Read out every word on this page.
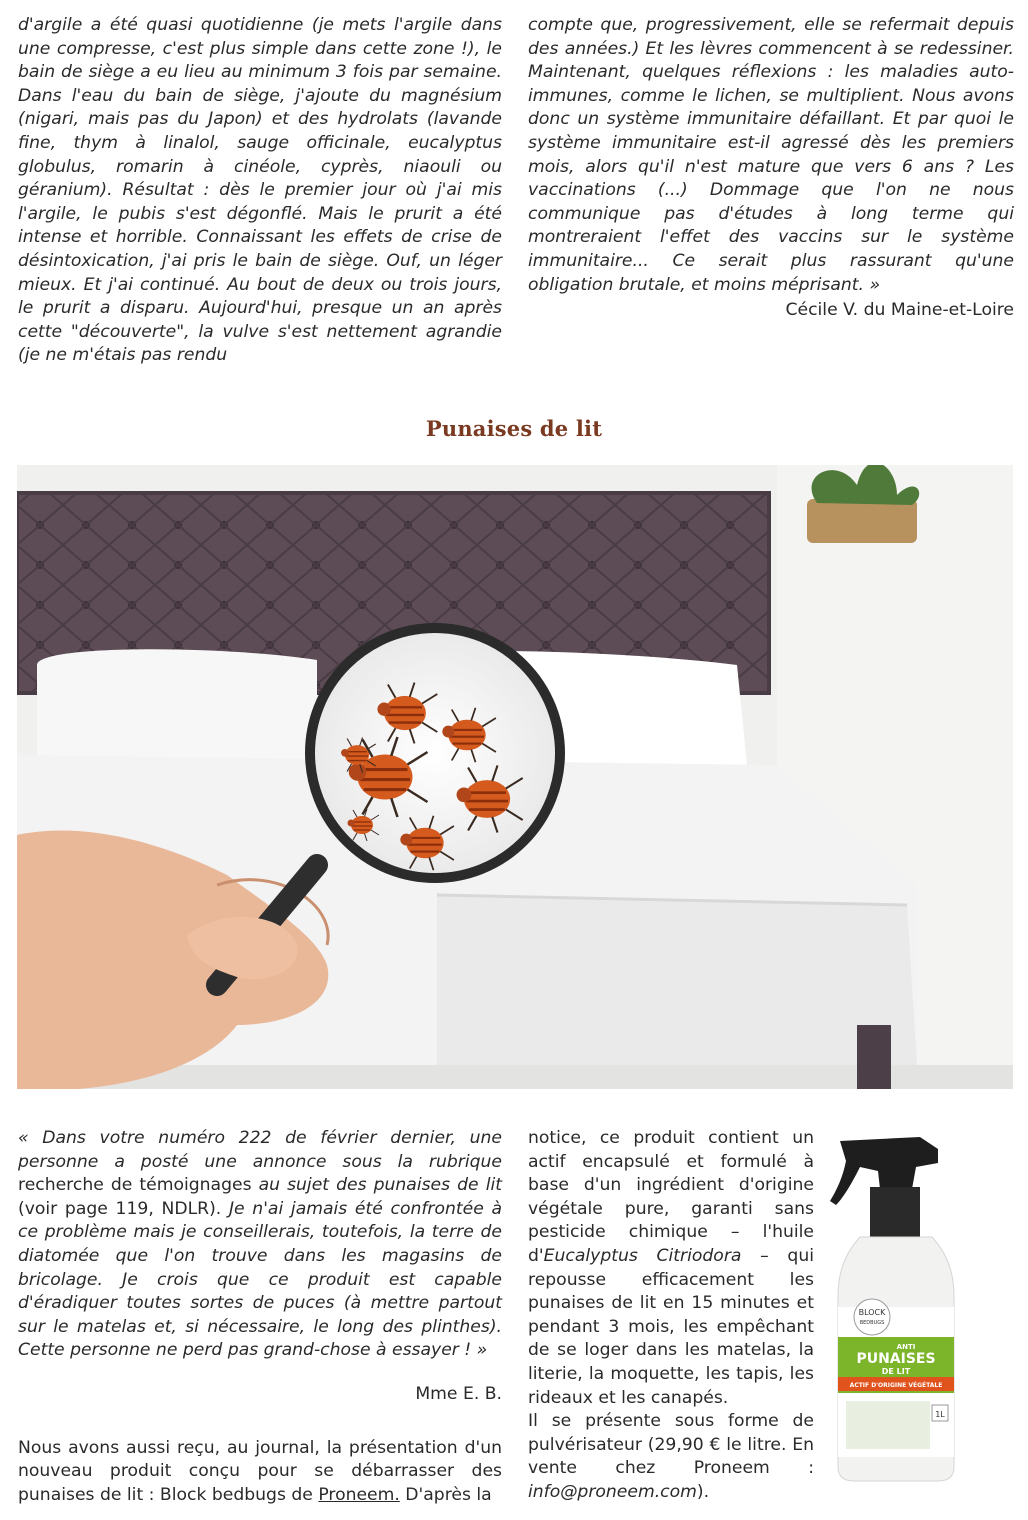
d'argile a été quasi quotidienne (je mets l'argile dans une compresse, c'est plus simple dans cette zone !), le bain de siège a eu lieu au minimum 3 fois par semaine. Dans l'eau du bain de siège, j'ajoute du magnésium (nigari, mais pas du Japon) et des hydrolats (lavande fine, thym à linalol, sauge officinale, eucalyptus globulus, romarin à cinéole, cyprès, niaouli ou géranium). Résultat : dès le premier jour où j'ai mis l'argile, le pubis s'est dégonflé. Mais le prurit a été intense et horrible. Connaissant les effets de crise de désintoxication, j'ai pris le bain de siège. Ouf, un léger mieux. Et j'ai continué. Au bout de deux ou trois jours, le prurit a disparu. Aujourd'hui, presque un an après cette "découverte", la vulve s'est nettement agrandie (je ne m'étais pas rendu

compte que, progressivement, elle se refermait depuis des années.) Et les lèvres commencent à se redessiner. Maintenant, quelques réflexions : les maladies auto-immunes, comme le lichen, se multiplient. Nous avons donc un système immunitaire défaillant. Et par quoi le système immunitaire est-il agressé dès les premiers mois, alors qu'il n'est mature que vers 6 ans ? Les vaccinations (...) Dommage que l'on ne nous communique pas d'études à long terme qui montreraient l'effet des vaccins sur le système immunitaire... Ce serait plus rassurant qu'une obligation brutale, et moins méprisant. »

Cécile V. du Maine-et-Loire

Punaises de lit

« Dans votre numéro 222 de février dernier, une personne a posté une annonce sous la rubrique recherche de témoignages au sujet des punaises de lit (voir page 119, NDLR). Je n'ai jamais été confrontée à ce problème mais je conseillerais, toutefois, la terre de diatomée que l'on trouve dans les magasins de bricolage. Je crois que ce produit est capable d'éradiquer toutes sortes de puces (à mettre partout sur le matelas et, si nécessaire, le long des plinthes). Cette personne ne perd pas grand-chose à essayer ! »

Mme E. B.

Nous avons aussi reçu, au journal, la présentation d'un nouveau produit conçu pour se débarrasser des punaises de lit : Block bedbugs de Proneem. D'après la

notice, ce produit contient un actif encapsulé et formulé à base d'un ingrédient d'origine végétale pure, garanti sans pesticide chimique – l'huile d'Eucalyptus Citriodora – qui repousse efficacement les punaises de lit en 15 minutes et pendant 3 mois, les empêchant de se loger dans les matelas, la literie, la moquette, les tapis, les rideaux et les canapés.

Il se présente sous forme de pulvérisateur (29,90 € le litre. En vente chez Proneem : info@proneem.com).

BLOCK
BEDBUGS
ANTI
PUNAISES
DE LIT
ACTIF D'ORIGINE VÉGÉTALE
1L
